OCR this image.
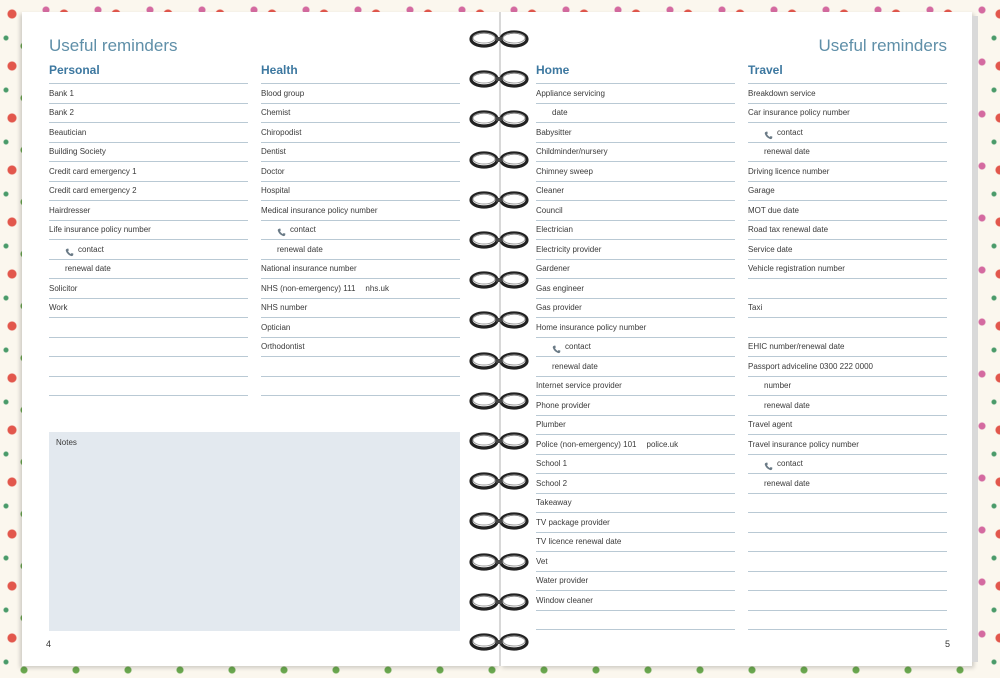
Useful reminders
Personal
Bank 1
Bank 2
Beautician
Building Society
Credit card emergency 1
Credit card emergency 2
Hairdresser
Life insurance policy number
contact
renewal date
Solicitor
Work
Health
Blood group
Chemist
Chiropodist
Dentist
Doctor
Hospital
Medical insurance policy number
contact
renewal date
National insurance number
NHS (non-emergency) 111 nhs.uk
NHS number
Optician
Orthodontist
Notes
4
Useful reminders
Home
Appliance servicing
date
Babysitter
Childminder/nursery
Chimney sweep
Cleaner
Council
Electrician
Electricity provider
Gardener
Gas engineer
Gas provider
Home insurance policy number
contact
renewal date
Internet service provider
Phone provider
Plumber
Police (non-emergency) 101 police.uk
School 1
School 2
Takeaway
TV package provider
TV licence renewal date
Vet
Water provider
Window cleaner
Travel
Breakdown service
Car insurance policy number
contact
renewal date
Driving licence number
Garage
MOT due date
Road tax renewal date
Service date
Vehicle registration number
Taxi
EHIC number/renewal date
Passport adviceline 0300 222 0000
number
renewal date
Travel agent
Travel insurance policy number
contact
renewal date
5
